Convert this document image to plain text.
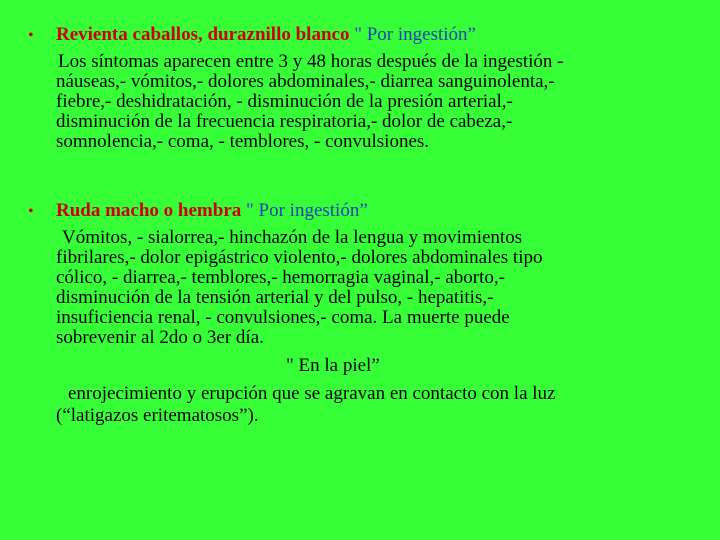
•	Revienta caballos, duraznillo blanco " Por ingestión”
Los síntomas aparecen entre 3 y 48 horas después de la ingestión -
náuseas,- vómitos,- dolores abdominales,- diarrea sanguinolenta,-
fiebre,- deshidratación, - disminución de la presión arterial,-
disminución de la frecuencia respiratoria,- dolor de cabeza,-
somnolencia,- coma, - temblores, - convulsiones.
•	Ruda macho o hembra " Por ingestión”
Vómitos, - sialorrea,- hinchazón de la lengua y movimientos
fibrilares,- dolor epigástrico violento,- dolores abdominales tipo
cólico, - diarrea,- temblores,- hemorragia vaginal,- aborto,-
disminución de la tensión arterial y del pulso, - hepatitis,-
insuficiencia renal, - convulsiones,- coma. La muerte puede
sobrevenir al 2do o 3er día.
" En la piel”
enrojecimiento y erupción que se agravan en contacto con la luz
(“latigazos eritematosos”).
